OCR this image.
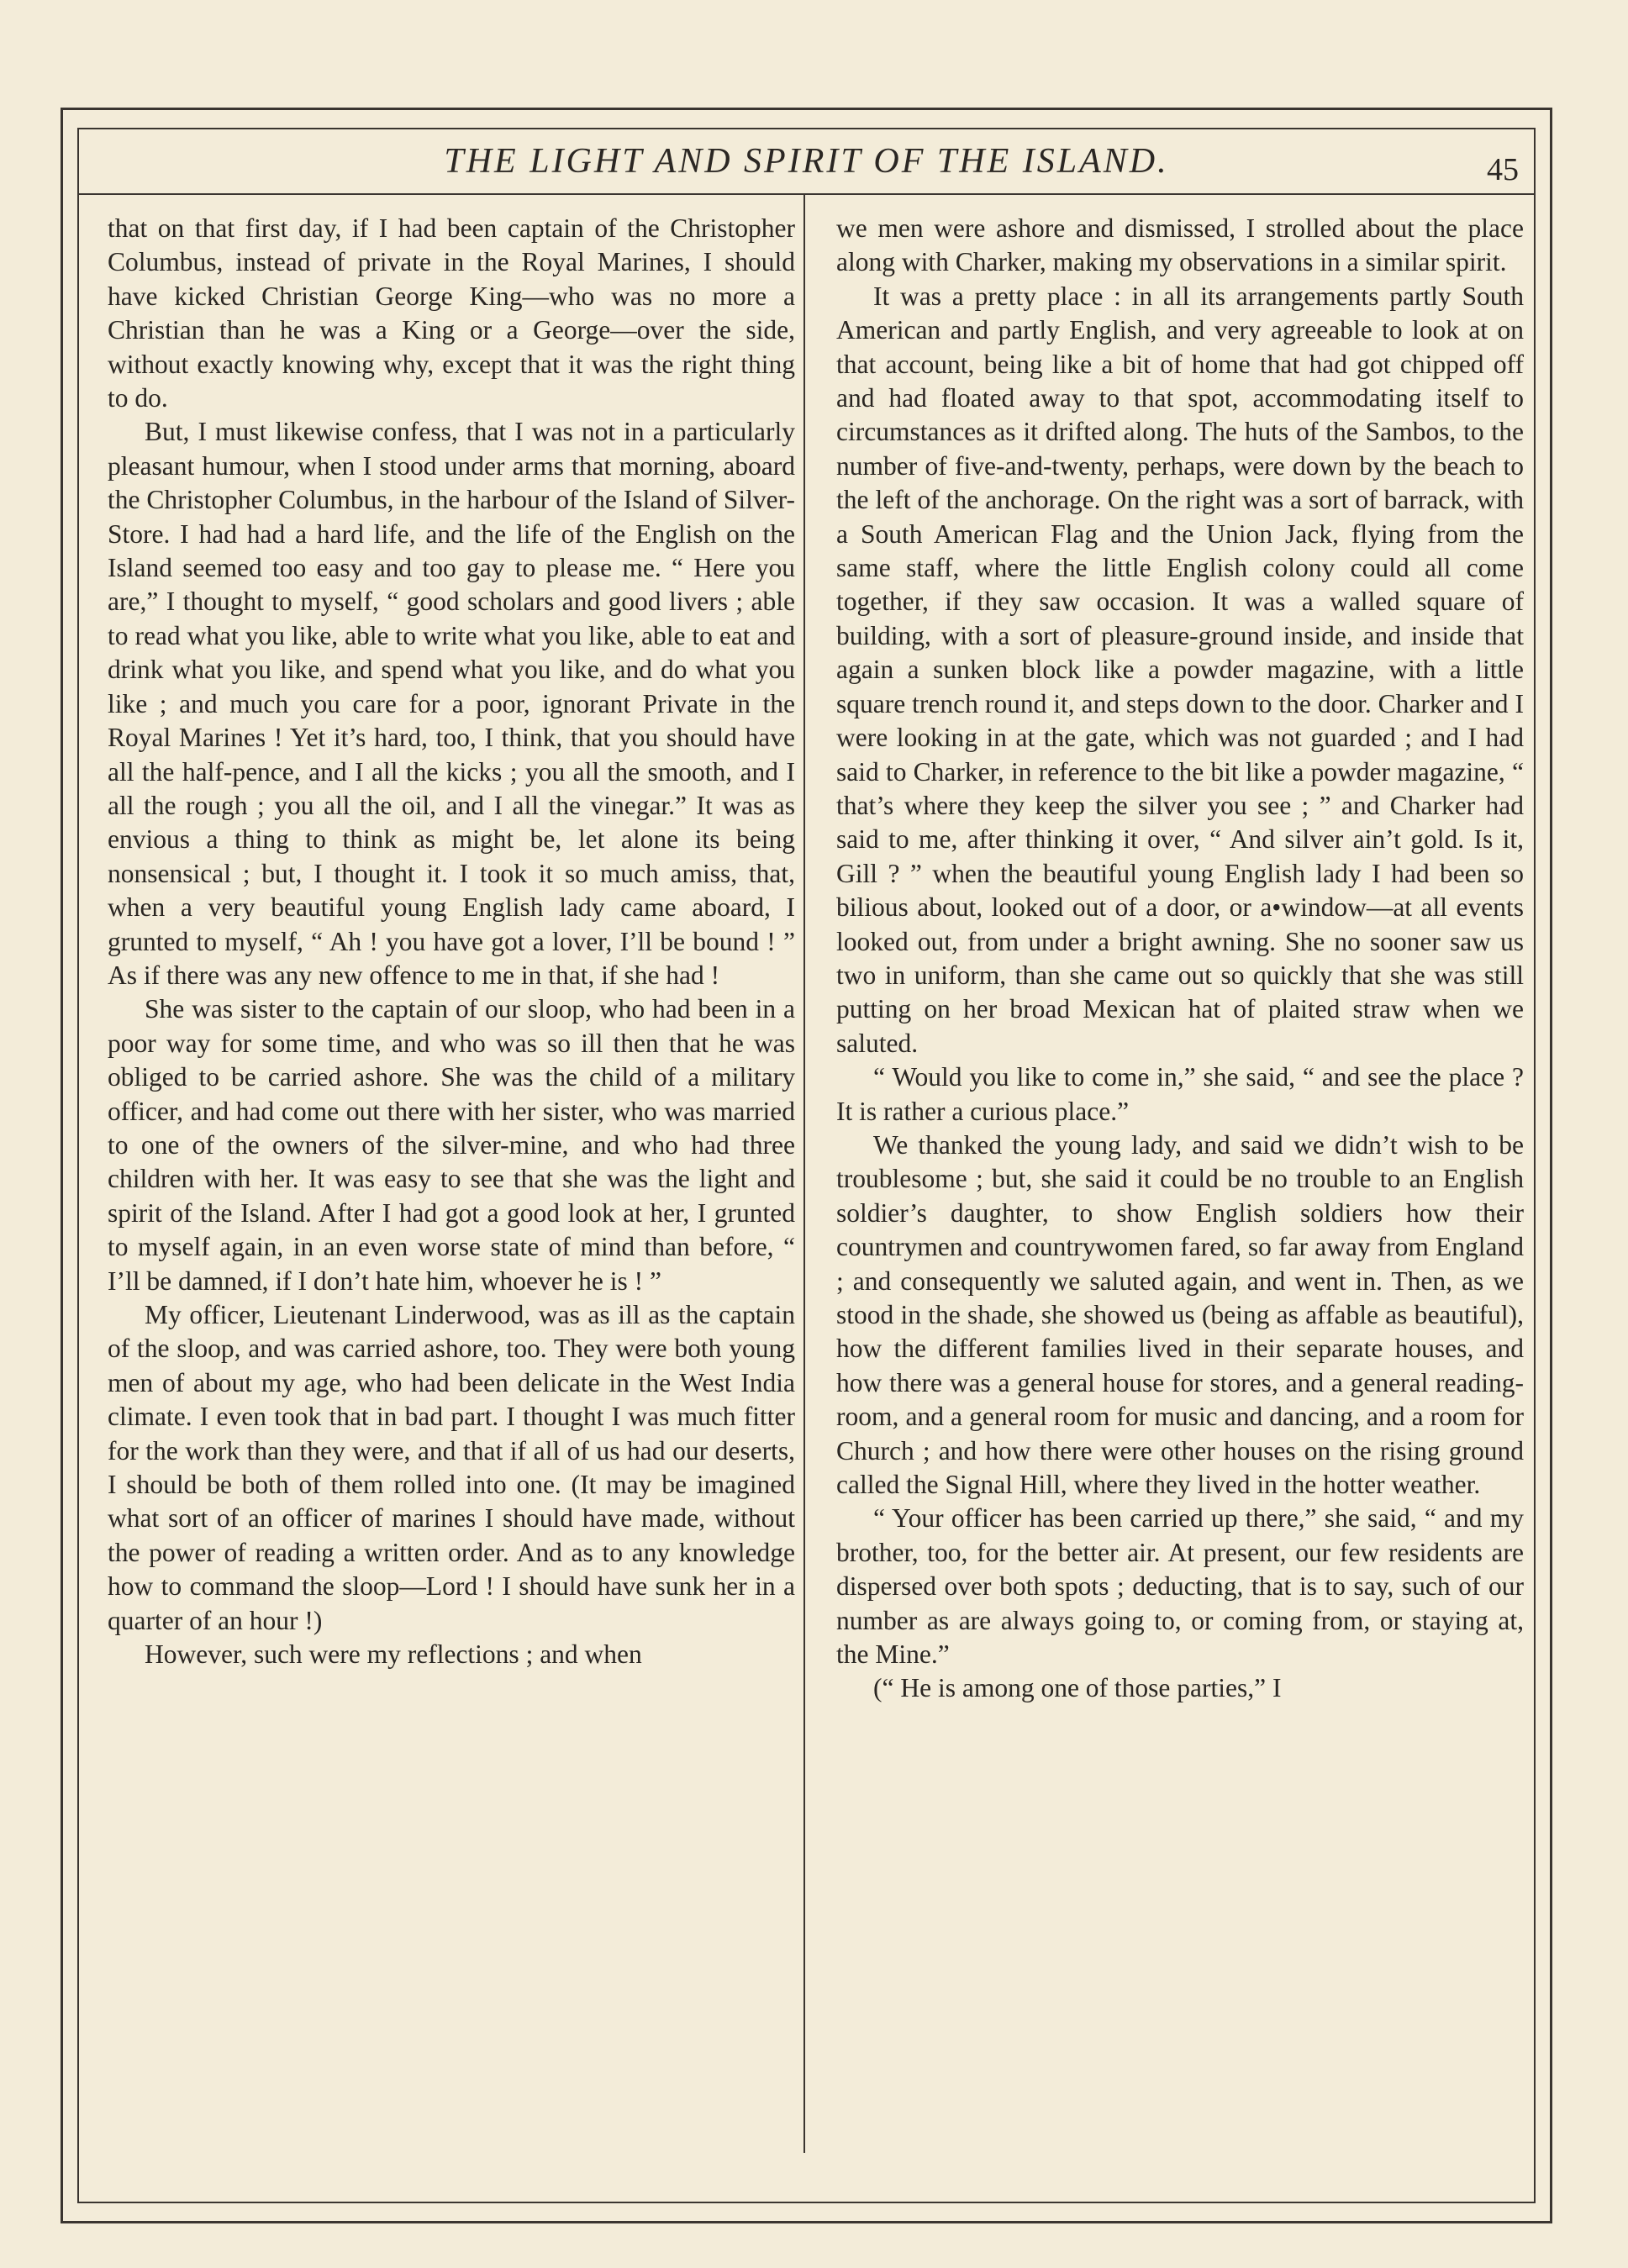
THE LIGHT AND SPIRIT OF THE ISLAND.	45

that on that first day, if I had been captain of the Christopher Columbus, instead of private in the Royal Marines, I should have kicked Christian George King—who was no more a Christian than he was a King or a George—over the side, without exactly knowing why, except that it was the right thing to do.

But, I must likewise confess, that I was not in a particularly pleasant humour, when I stood under arms that morning, aboard the Christopher Columbus, in the harbour of the Island of Silver-Store. I had had a hard life, and the life of the English on the Island seemed too easy and too gay to please me. “ Here you are,” I thought to myself, “ good scholars and good livers ; able to read what you like, able to write what you like, able to eat and drink what you like, and spend what you like, and do what you like ; and much you care for a poor, ignorant Private in the Royal Marines ! Yet it’s hard, too, I think, that you should have all the half-pence, and I all the kicks ; you all the smooth, and I all the rough ; you all the oil, and I all the vinegar.” It was as envious a thing to think as might be, let alone its being nonsensical ; but, I thought it. I took it so much amiss, that, when a very beautiful young English lady came aboard, I grunted to myself, “ Ah ! you have got a lover, I’ll be bound ! ” As if there was any new offence to me in that, if she had !

She was sister to the captain of our sloop, who had been in a poor way for some time, and who was so ill then that he was obliged to be carried ashore. She was the child of a military officer, and had come out there with her sister, who was married to one of the owners of the silver-mine, and who had three children with her. It was easy to see that she was the light and spirit of the Island. After I had got a good look at her, I grunted to myself again, in an even worse state of mind than before, “ I’ll be damned, if I don’t hate him, whoever he is ! ”

My officer, Lieutenant Linderwood, was as ill as the captain of the sloop, and was carried ashore, too. They were both young men of about my age, who had been delicate in the West India climate. I even took that in bad part. I thought I was much fitter for the work than they were, and that if all of us had our deserts, I should be both of them rolled into one. (It may be imagined what sort of an officer of marines I should have made, without the power of reading a written order. And as to any knowledge how to command the sloop—Lord ! I should have sunk her in a quarter of an hour !)

However, such were my reflections ; and when

we men were ashore and dismissed, I strolled about the place along with Charker, making my observations in a similar spirit.

It was a pretty place : in all its arrangements partly South American and partly English, and very agreeable to look at on that account, being like a bit of home that had got chipped off and had floated away to that spot, accommodating itself to circumstances as it drifted along. The huts of the Sambos, to the number of five-and-twenty, perhaps, were down by the beach to the left of the anchorage. On the right was a sort of barrack, with a South American Flag and the Union Jack, flying from the same staff, where the little English colony could all come together, if they saw occasion. It was a walled square of building, with a sort of pleasure-ground inside, and inside that again a sunken block like a powder magazine, with a little square trench round it, and steps down to the door. Charker and I were looking in at the gate, which was not guarded ; and I had said to Charker, in reference to the bit like a powder magazine, “ that’s where they keep the silver you see ; ” and Charker had said to me, after thinking it over, “ And silver ain’t gold. Is it, Gill ? ” when the beautiful young English lady I had been so bilious about, looked out of a door, or a•window—at all events looked out, from under a bright awning. She no sooner saw us two in uniform, than she came out so quickly that she was still putting on her broad Mexican hat of plaited straw when we saluted.

“ Would you like to come in,” she said, “ and see the place ? It is rather a curious place.”

We thanked the young lady, and said we didn’t wish to be troublesome ; but, she said it could be no trouble to an English soldier’s daughter, to show English soldiers how their countrymen and countrywomen fared, so far away from England ; and consequently we saluted again, and went in. Then, as we stood in the shade, she showed us (being as affable as beautiful), how the different families lived in their separate houses, and how there was a general house for stores, and a general reading-room, and a general room for music and dancing, and a room for Church ; and how there were other houses on the rising ground called the Signal Hill, where they lived in the hotter weather.

“ Your officer has been carried up there,” she said, “ and my brother, too, for the better air. At present, our few residents are dispersed over both spots ; deducting, that is to say, such of our number as are always going to, or coming from, or staying at, the Mine.”

(“ He is among one of those parties,” I
